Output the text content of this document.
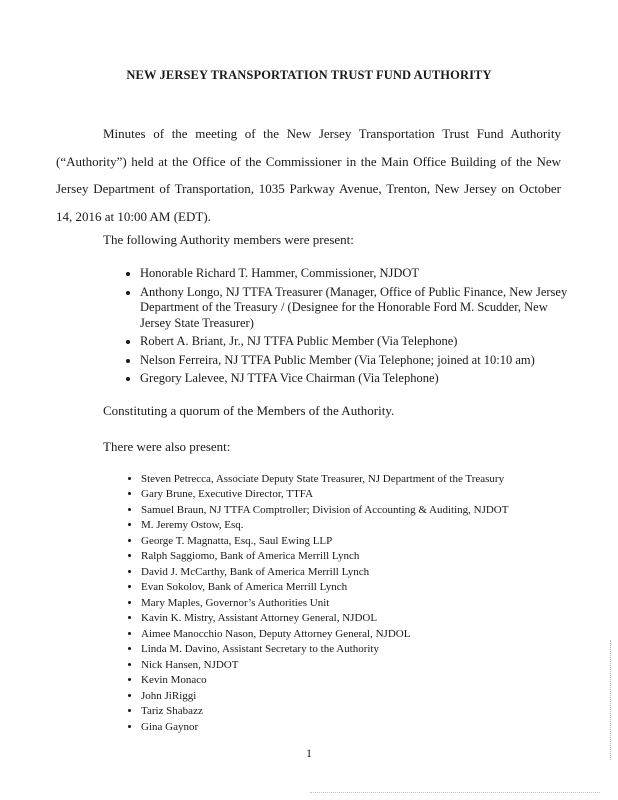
NEW JERSEY TRANSPORTATION TRUST FUND AUTHORITY

Minutes of the meeting of the New Jersey Transportation Trust Fund Authority (“Authority”) held at the Office of the Commissioner in the Main Office Building of the New Jersey Department of Transportation, 1035 Parkway Avenue, Trenton, New Jersey on October 14, 2016 at 10:00 AM (EDT).

The following Authority members were present:

• Honorable Richard T. Hammer, Commissioner, NJDOT
• Anthony Longo, NJ TTFA Treasurer (Manager, Office of Public Finance, New Jersey Department of the Treasury / (Designee for the Honorable Ford M. Scudder, New Jersey State Treasurer)
• Robert A. Briant, Jr., NJ TTFA Public Member (Via Telephone)
• Nelson Ferreira, NJ TTFA Public Member (Via Telephone; joined at 10:10 am)
• Gregory Lalevee, NJ TTFA Vice Chairman (Via Telephone)

Constituting a quorum of the Members of the Authority.

There were also present:

• Steven Petrecca, Associate Deputy State Treasurer, NJ Department of the Treasury
• Gary Brune, Executive Director, TTFA
• Samuel Braun, NJ TTFA Comptroller; Division of Accounting & Auditing, NJDOT
• M. Jeremy Ostow, Esq.
• George T. Magnatta, Esq., Saul Ewing LLP
• Ralph Saggiomo, Bank of America Merrill Lynch
• David J. McCarthy, Bank of America Merrill Lynch
• Evan Sokolov, Bank of America Merrill Lynch
• Mary Maples, Governor’s Authorities Unit
• Kavin K. Mistry, Assistant Attorney General, NJDOL
• Aimee Manocchio Nason, Deputy Attorney General, NJDOL
• Linda M. Davino, Assistant Secretary to the Authority
• Nick Hansen, NJDOT
• Kevin Monaco
• John JiRiggi
• Tariz Shabazz
• Gina Gaynor
1
